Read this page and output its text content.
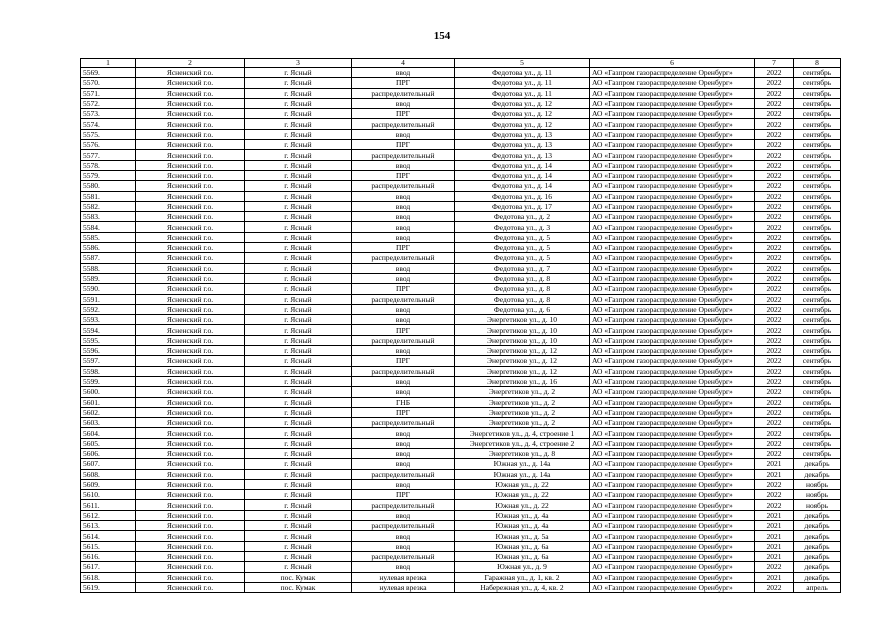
154
1	2	3	4	5	6	7	8
5569.	Ясненский г.о.	г. Ясный	ввод	Федотова ул., д. 11	АО «Газпром газораспределение Оренбург»	2022	сентябрь
5570.	Ясненский г.о.	г. Ясный	ПРГ	Федотова ул., д. 11	АО «Газпром газораспределение Оренбург»	2022	сентябрь
5571.	Ясненский г.о.	г. Ясный	распределительный	Федотова ул., д. 11	АО «Газпром газораспределение Оренбург»	2022	сентябрь
5572.	Ясненский г.о.	г. Ясный	ввод	Федотова ул., д. 12	АО «Газпром газораспределение Оренбург»	2022	сентябрь
5573.	Ясненский г.о.	г. Ясный	ПРГ	Федотова ул., д. 12	АО «Газпром газораспределение Оренбург»	2022	сентябрь
5574.	Ясненский г.о.	г. Ясный	распределительный	Федотова ул., д. 12	АО «Газпром газораспределение Оренбург»	2022	сентябрь
5575.	Ясненский г.о.	г. Ясный	ввод	Федотова ул., д. 13	АО «Газпром газораспределение Оренбург»	2022	сентябрь
5576.	Ясненский г.о.	г. Ясный	ПРГ	Федотова ул., д. 13	АО «Газпром газораспределение Оренбург»	2022	сентябрь
5577.	Ясненский г.о.	г. Ясный	распределительный	Федотова ул., д. 13	АО «Газпром газораспределение Оренбург»	2022	сентябрь
5578.	Ясненский г.о.	г. Ясный	ввод	Федотова ул., д. 14	АО «Газпром газораспределение Оренбург»	2022	сентябрь
5579.	Ясненский г.о.	г. Ясный	ПРГ	Федотова ул., д. 14	АО «Газпром газораспределение Оренбург»	2022	сентябрь
5580.	Ясненский г.о.	г. Ясный	распределительный	Федотова ул., д. 14	АО «Газпром газораспределение Оренбург»	2022	сентябрь
5581.	Ясненский г.о.	г. Ясный	ввод	Федотова ул., д. 16	АО «Газпром газораспределение Оренбург»	2022	сентябрь
5582.	Ясненский г.о.	г. Ясный	ввод	Федотова ул., д. 17	АО «Газпром газораспределение Оренбург»	2022	сентябрь
5583.	Ясненский г.о.	г. Ясный	ввод	Федотова ул., д. 2	АО «Газпром газораспределение Оренбург»	2022	сентябрь
5584.	Ясненский г.о.	г. Ясный	ввод	Федотова ул., д. 3	АО «Газпром газораспределение Оренбург»	2022	сентябрь
5585.	Ясненский г.о.	г. Ясный	ввод	Федотова ул., д. 5	АО «Газпром газораспределение Оренбург»	2022	сентябрь
5586.	Ясненский г.о.	г. Ясный	ПРГ	Федотова ул., д. 5	АО «Газпром газораспределение Оренбург»	2022	сентябрь
5587.	Ясненский г.о.	г. Ясный	распределительный	Федотова ул., д. 5	АО «Газпром газораспределение Оренбург»	2022	сентябрь
5588.	Ясненский г.о.	г. Ясный	ввод	Федотова ул., д. 7	АО «Газпром газораспределение Оренбург»	2022	сентябрь
5589.	Ясненский г.о.	г. Ясный	ввод	Федотова ул., д. 8	АО «Газпром газораспределение Оренбург»	2022	сентябрь
5590.	Ясненский г.о.	г. Ясный	ПРГ	Федотова ул., д. 8	АО «Газпром газораспределение Оренбург»	2022	сентябрь
5591.	Ясненский г.о.	г. Ясный	распределительный	Федотова ул., д. 8	АО «Газпром газораспределение Оренбург»	2022	сентябрь
5592.	Ясненский г.о.	г. Ясный	ввод	Федотова ул., д. 6	АО «Газпром газораспределение Оренбург»	2022	сентябрь
5593.	Ясненский г.о.	г. Ясный	ввод	Энергетиков ул., д. 10	АО «Газпром газораспределение Оренбург»	2022	сентябрь
5594.	Ясненский г.о.	г. Ясный	ПРГ	Энергетиков ул., д. 10	АО «Газпром газораспределение Оренбург»	2022	сентябрь
5595.	Ясненский г.о.	г. Ясный	распределительный	Энергетиков ул., д. 10	АО «Газпром газораспределение Оренбург»	2022	сентябрь
5596.	Ясненский г.о.	г. Ясный	ввод	Энергетиков ул., д. 12	АО «Газпром газораспределение Оренбург»	2022	сентябрь
5597.	Ясненский г.о.	г. Ясный	ПРГ	Энергетиков ул., д. 12	АО «Газпром газораспределение Оренбург»	2022	сентябрь
5598.	Ясненский г.о.	г. Ясный	распределительный	Энергетиков ул., д. 12	АО «Газпром газораспределение Оренбург»	2022	сентябрь
5599.	Ясненский г.о.	г. Ясный	ввод	Энергетиков ул., д. 16	АО «Газпром газораспределение Оренбург»	2022	сентябрь
5600.	Ясненский г.о.	г. Ясный	ввод	Энергетиков ул., д. 2	АО «Газпром газораспределение Оренбург»	2022	сентябрь
5601.	Ясненский г.о.	г. Ясный	ГНБ	Энергетиков ул., д. 2	АО «Газпром газораспределение Оренбург»	2022	сентябрь
5602.	Ясненский г.о.	г. Ясный	ПРГ	Энергетиков ул., д. 2	АО «Газпром газораспределение Оренбург»	2022	сентябрь
5603.	Ясненский г.о.	г. Ясный	распределительный	Энергетиков ул., д. 2	АО «Газпром газораспределение Оренбург»	2022	сентябрь
5604.	Ясненский г.о.	г. Ясный	ввод	Энергетиков ул., д. 4, строение 1	АО «Газпром газораспределение Оренбург»	2022	сентябрь
5605.	Ясненский г.о.	г. Ясный	ввод	Энергетиков ул., д. 4, строение 2	АО «Газпром газораспределение Оренбург»	2022	сентябрь
5606.	Ясненский г.о.	г. Ясный	ввод	Энергетиков ул., д. 8	АО «Газпром газораспределение Оренбург»	2022	сентябрь
5607.	Ясненский г.о.	г. Ясный	ввод	Южная ул., д. 14а	АО «Газпром газораспределение Оренбург»	2021	декабрь
5608.	Ясненский г.о.	г. Ясный	распределительный	Южная ул., д. 14а	АО «Газпром газораспределение Оренбург»	2021	декабрь
5609.	Ясненский г.о.	г. Ясный	ввод	Южная ул., д. 22	АО «Газпром газораспределение Оренбург»	2022	ноябрь
5610.	Ясненский г.о.	г. Ясный	ПРГ	Южная ул., д. 22	АО «Газпром газораспределение Оренбург»	2022	ноябрь
5611.	Ясненский г.о.	г. Ясный	распределительный	Южная ул., д. 22	АО «Газпром газораспределение Оренбург»	2022	ноябрь
5612.	Ясненский г.о.	г. Ясный	ввод	Южная ул., д. 4а	АО «Газпром газораспределение Оренбург»	2021	декабрь
5613.	Ясненский г.о.	г. Ясный	распределительный	Южная ул., д. 4а	АО «Газпром газораспределение Оренбург»	2021	декабрь
5614.	Ясненский г.о.	г. Ясный	ввод	Южная ул., д. 5а	АО «Газпром газораспределение Оренбург»	2021	декабрь
5615.	Ясненский г.о.	г. Ясный	ввод	Южная ул., д. 6а	АО «Газпром газораспределение Оренбург»	2021	декабрь
5616.	Ясненский г.о.	г. Ясный	распределительный	Южная ул., д. 6а	АО «Газпром газораспределение Оренбург»	2021	декабрь
5617.	Ясненский г.о.	г. Ясный	ввод	Южная ул., д. 9	АО «Газпром газораспределение Оренбург»	2022	декабрь
5618.	Ясненский г.о.	пос. Кумак	нулевая врезка	Гаражная ул., д. 1, кв. 2	АО «Газпром газораспределение Оренбург»	2021	декабрь
5619.	Ясненский г.о.	пос. Кумак	нулевая врезка	Набережная ул., д. 4, кв. 2	АО «Газпром газораспределение Оренбург»	2022	апрель
